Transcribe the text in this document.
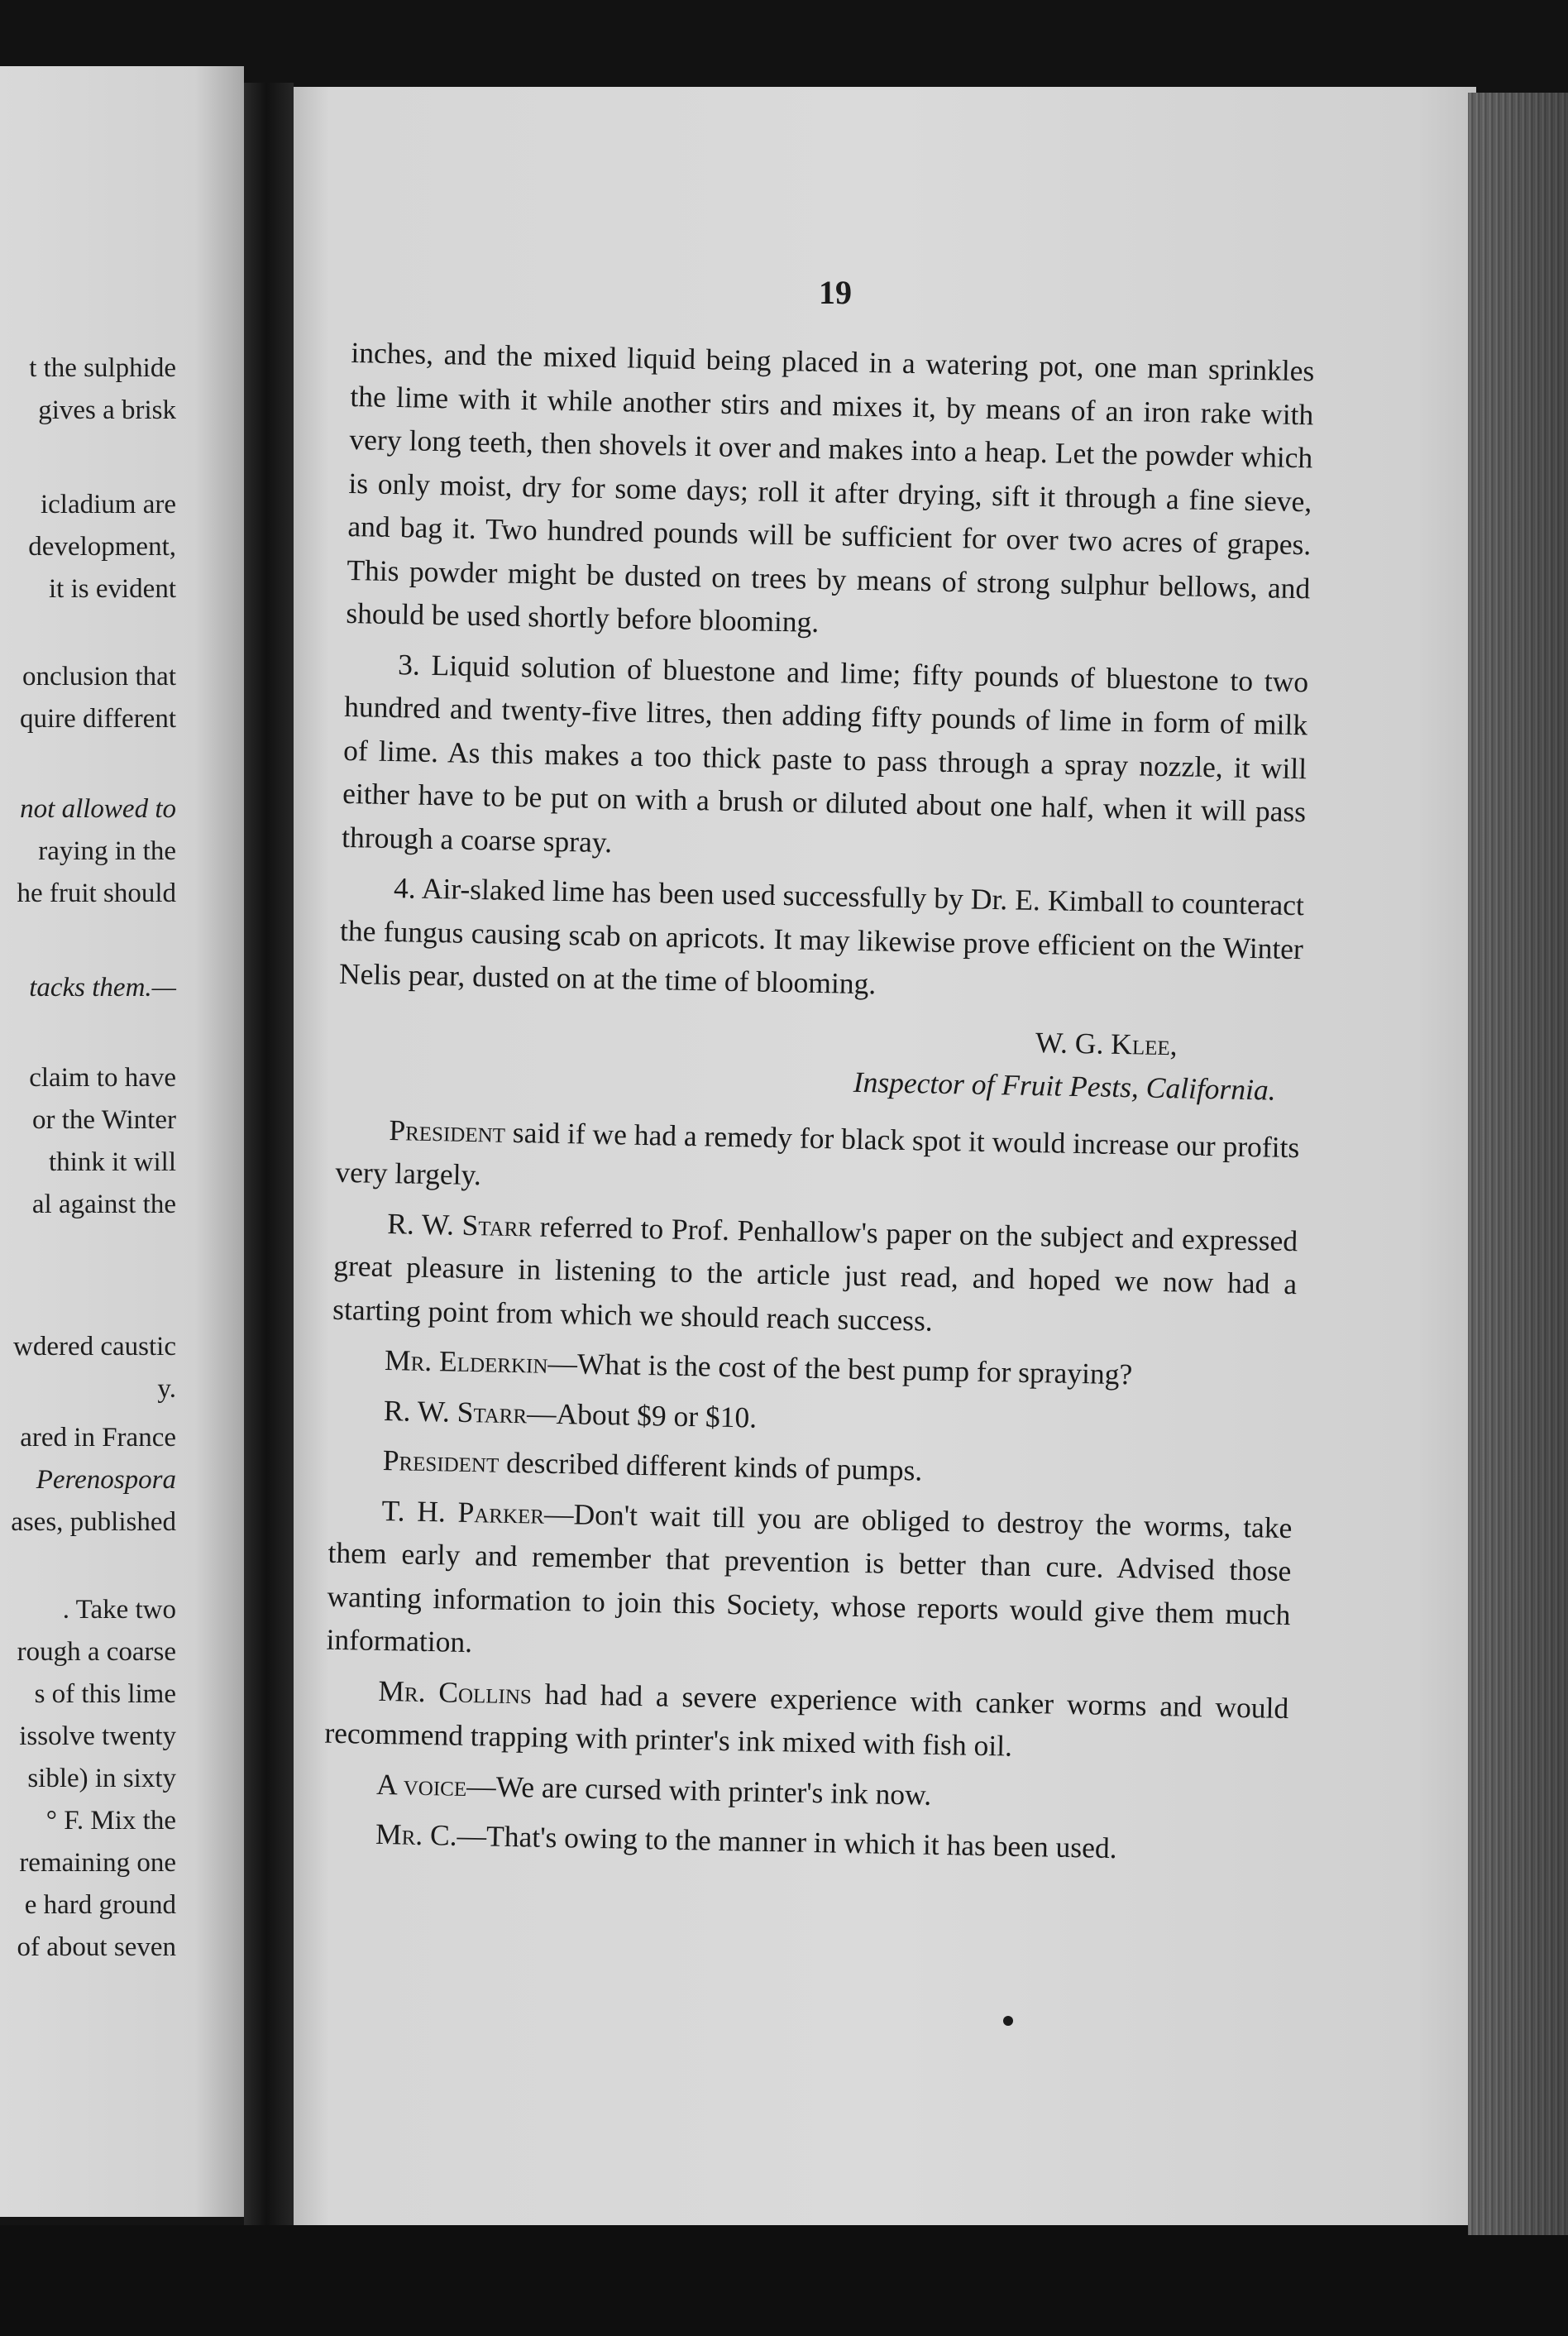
t the sulphide
gives a brisk
icladium are
development,
it is evident
onclusion that
quire different
not allowed to
raying in the
he fruit should
tacks them.—
claim to have
or the Winter
think it will
al against the
wdered caustic
y.
ared in France
Perenospora
ases, published
. Take two
rough a coarse
s of this lime
issolve twenty
sible) in sixty
° F. Mix the
remaining one
e hard ground
of about seven
19

inches, and the mixed liquid being placed in a watering pot, one man sprinkles the lime with it while another stirs and mixes it, by means of an iron rake with very long teeth, then shovels it over and makes into a heap. Let the powder which is only moist, dry for some days; roll it after drying, sift it through a fine sieve, and bag it. Two hundred pounds will be sufficient for over two acres of grapes. This powder might be dusted on trees by means of strong sulphur bellows, and should be used shortly before blooming.

3. Liquid solution of bluestone and lime; fifty pounds of bluestone to two hundred and twenty-five litres, then adding fifty pounds of lime in form of milk of lime. As this makes a too thick paste to pass through a spray nozzle, it will either have to be put on with a brush or diluted about one half, when it will pass through a coarse spray.

4. Air-slaked lime has been used successfully by Dr. E. Kimball to counteract the fungus causing scab on apricots. It may likewise prove efficient on the Winter Nelis pear, dusted on at the time of blooming.

W. G. Klee,

Inspector of Fruit Pests, California.

President said if we had a remedy for black spot it would increase our profits very largely.

R. W. Starr referred to Prof. Penhallow's paper on the subject and expressed great pleasure in listening to the article just read, and hoped we now had a starting point from which we should reach success.

Mr. Elderkin—What is the cost of the best pump for spraying?

R. W. Starr—About $9 or $10.

President described different kinds of pumps.

T. H. Parker—Don't wait till you are obliged to destroy the worms, take them early and remember that prevention is better than cure. Advised those wanting information to join this Society, whose reports would give them much information.

Mr. Collins had had a severe experience with canker worms and would recommend trapping with printer's ink mixed with fish oil.

A voice—We are cursed with printer's ink now.

Mr. C.—That's owing to the manner in which it has been used.
